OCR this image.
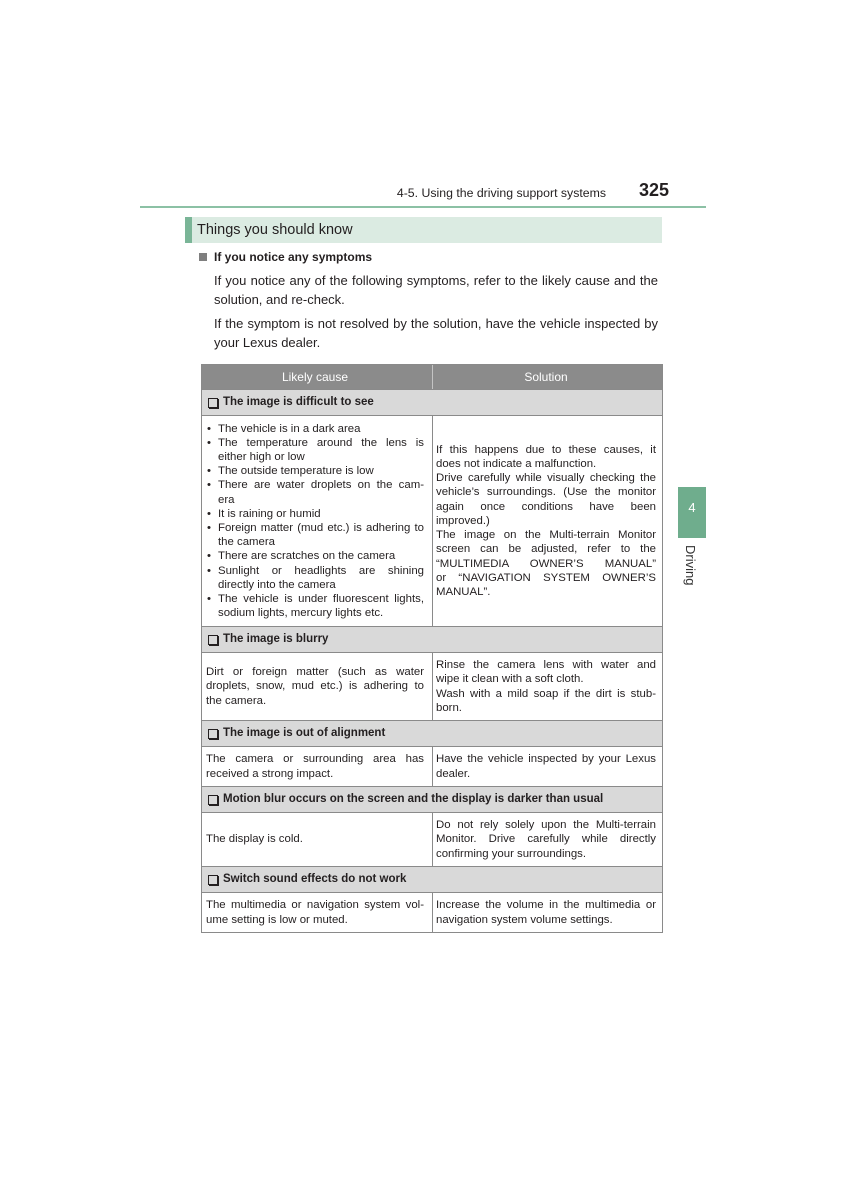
4-5. Using the driving support systems 325
4
Driving
Things you should know
If you notice any symptoms
If you notice any of the following symptoms, refer to the likely cause and the
solution, and re-check.
If the symptom is not resolved by the solution, have the vehicle inspected by
your Lexus dealer.
Likely cause	Solution
The image is difficult to see
•
The vehicle is in a dark area
•
The temperature around the lens is
either high or low
•
The outside temperature is low
•
There are water droplets on the cam-
era
•
It is raining or humid
•
Foreign matter (mud etc.) is adhering to
the camera
•
There are scratches on the camera
•
Sunlight or headlights are shining
directly into the camera
•
The vehicle is under fluorescent lights,
sodium lights, mercury lights etc.
If this happens due to these causes, it
does not indicate a malfunction.
Drive carefully while visually checking the
vehicle’s surroundings. (Use the monitor
again once conditions have been
improved.)
The image on the Multi-terrain Monitor
screen can be adjusted, refer to the
“MULTIMEDIA OWNER’S MANUAL”
or “NAVIGATION SYSTEM OWNER’S
MANUAL”.
The image is blurry
Dirt or foreign matter (such as water
droplets, snow, mud etc.) is adhering to
the camera.
Rinse the camera lens with water and
wipe it clean with a soft cloth.
Wash with a mild soap if the dirt is stub-
born.
The image is out of alignment
The camera or surrounding area has
received a strong impact.
Have the vehicle inspected by your Lexus
dealer.
Motion blur occurs on the screen and the display is darker than usual
The display is cold.
Do not rely solely upon the Multi-terrain
Monitor. Drive carefully while directly
confirming your surroundings.
Switch sound effects do not work
The multimedia or navigation system vol-
ume setting is low or muted.
Increase the volume in the multimedia or
navigation system volume settings.
